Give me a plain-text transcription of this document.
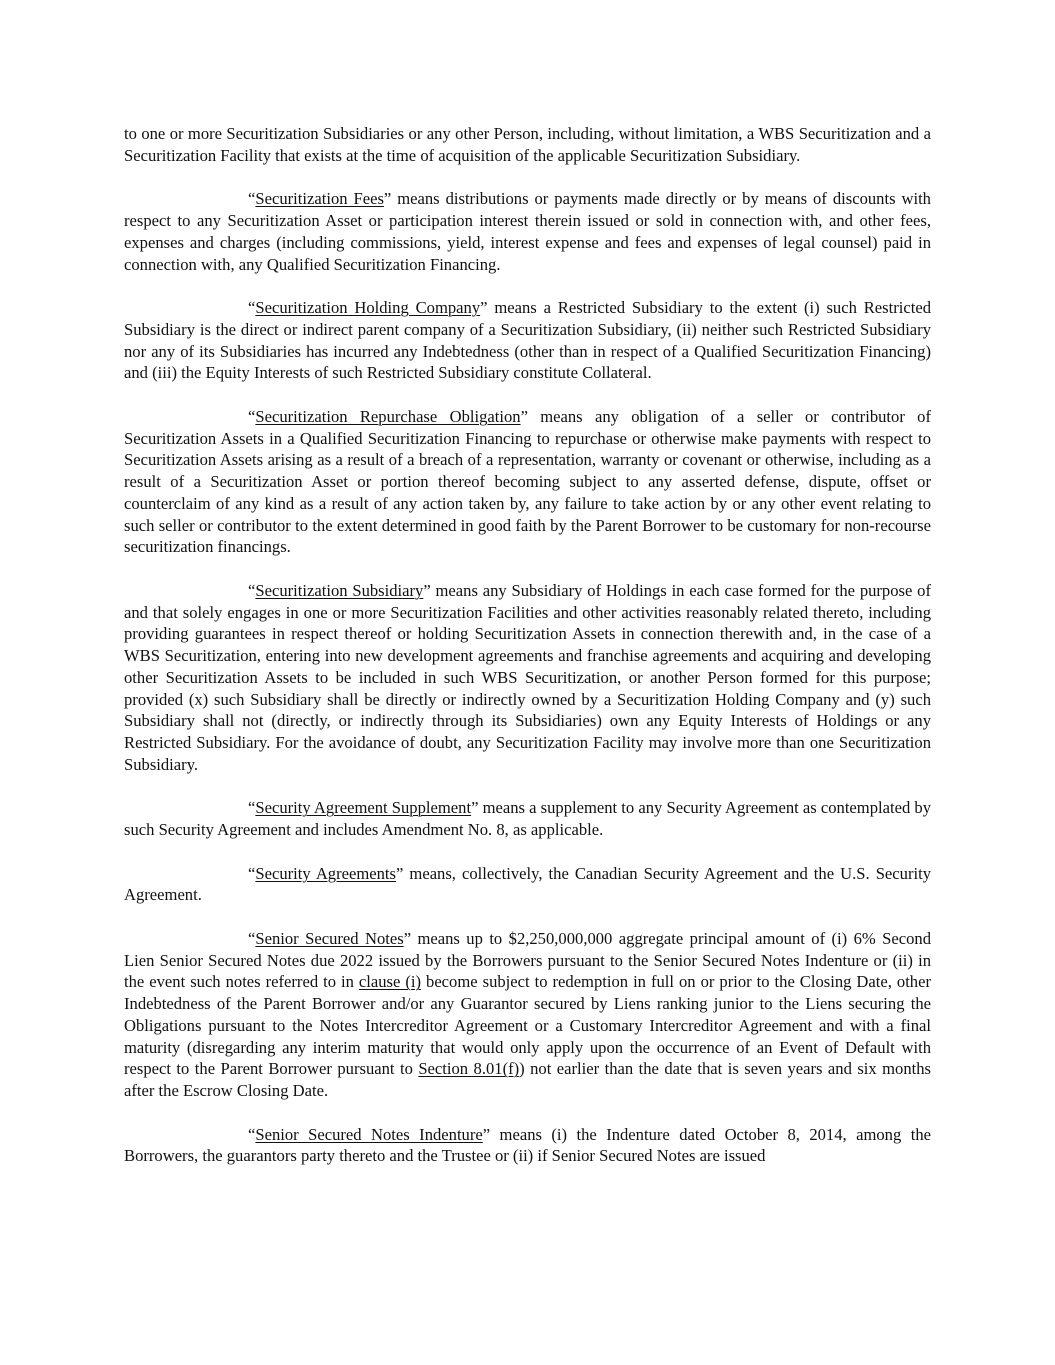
to one or more Securitization Subsidiaries or any other Person, including, without limitation, a WBS Securitization and a Securitization Facility that exists at the time of acquisition of the applicable Securitization Subsidiary.

“Securitization Fees” means distributions or payments made directly or by means of discounts with respect to any Securitization Asset or participation interest therein issued or sold in connection with, and other fees, expenses and charges (including commissions, yield, interest expense and fees and expenses of legal counsel) paid in connection with, any Qualified Securitization Financing.

“Securitization Holding Company” means a Restricted Subsidiary to the extent (i) such Restricted Subsidiary is the direct or indirect parent company of a Securitization Subsidiary, (ii) neither such Restricted Subsidiary nor any of its Subsidiaries has incurred any Indebtedness (other than in respect of a Qualified Securitization Financing) and (iii) the Equity Interests of such Restricted Subsidiary constitute Collateral.

“Securitization Repurchase Obligation” means any obligation of a seller or contributor of Securitization Assets in a Qualified Securitization Financing to repurchase or otherwise make payments with respect to Securitization Assets arising as a result of a breach of a representation, warranty or covenant or otherwise, including as a result of a Securitization Asset or portion thereof becoming subject to any asserted defense, dispute, offset or counterclaim of any kind as a result of any action taken by, any failure to take action by or any other event relating to such seller or contributor to the extent determined in good faith by the Parent Borrower to be customary for non-recourse securitization financings.

“Securitization Subsidiary” means any Subsidiary of Holdings in each case formed for the purpose of and that solely engages in one or more Securitization Facilities and other activities reasonably related thereto, including providing guarantees in respect thereof or holding Securitization Assets in connection therewith and, in the case of a WBS Securitization, entering into new development agreements and franchise agreements and acquiring and developing other Securitization Assets to be included in such WBS Securitization, or another Person formed for this purpose; provided (x) such Subsidiary shall be directly or indirectly owned by a Securitization Holding Company and (y) such Subsidiary shall not (directly, or indirectly through its Subsidiaries) own any Equity Interests of Holdings or any Restricted Subsidiary. For the avoidance of doubt, any Securitization Facility may involve more than one Securitization Subsidiary.

“Security Agreement Supplement” means a supplement to any Security Agreement as contemplated by such Security Agreement and includes Amendment No. 8, as applicable.

“Security Agreements” means, collectively, the Canadian Security Agreement and the U.S. Security Agreement.

“Senior Secured Notes” means up to $2,250,000,000 aggregate principal amount of (i) 6% Second Lien Senior Secured Notes due 2022 issued by the Borrowers pursuant to the Senior Secured Notes Indenture or (ii) in the event such notes referred to in clause (i) become subject to redemption in full on or prior to the Closing Date, other Indebtedness of the Parent Borrower and/or any Guarantor secured by Liens ranking junior to the Liens securing the Obligations pursuant to the Notes Intercreditor Agreement or a Customary Intercreditor Agreement and with a final maturity (disregarding any interim maturity that would only apply upon the occurrence of an Event of Default with respect to the Parent Borrower pursuant to Section 8.01(f)) not earlier than the date that is seven years and six months after the Escrow Closing Date.

“Senior Secured Notes Indenture” means (i) the Indenture dated October 8, 2014, among the Borrowers, the guarantors party thereto and the Trustee or (ii) if Senior Secured Notes are issued
